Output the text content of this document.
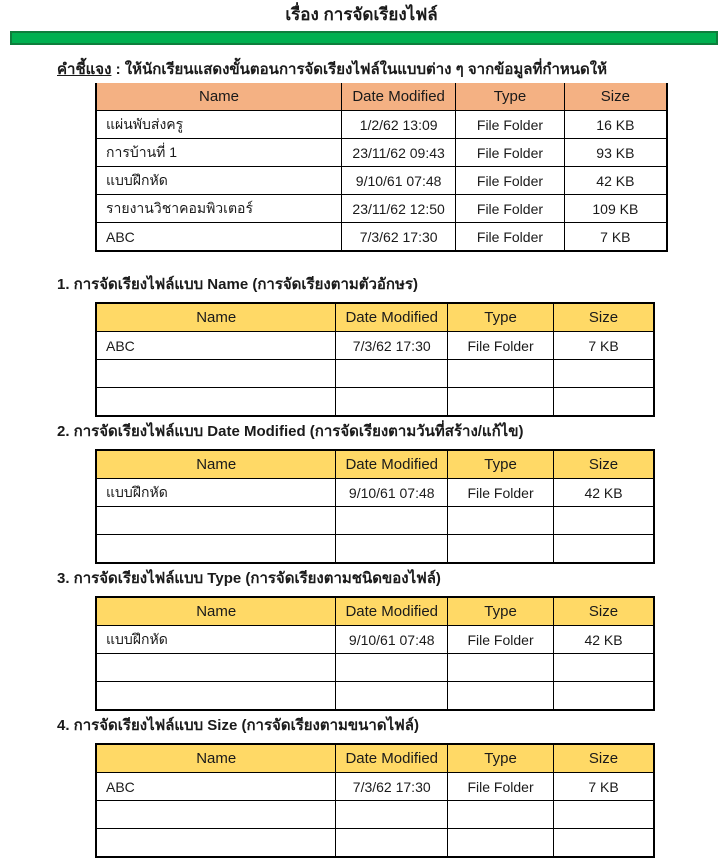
เรื่อง การจัดเรียงไฟล์
คำชี้แจง : ให้นักเรียนแสดงขั้นตอนการจัดเรียงไฟล์ในแบบต่าง ๆ จากข้อมูลที่กำหนดให้
Name	Date Modified	Type	Size
แผ่นพับส่งครู	1/2/62 13:09	File Folder	16 KB
การบ้านที่ 1	23/11/62 09:43	File Folder	93 KB
แบบฝึกหัด	9/10/61 07:48	File Folder	42 KB
รายงานวิชาคอมพิวเตอร์	23/11/62 12:50	File Folder	109 KB
ABC	7/3/62 17:30	File Folder	7 KB
1. การจัดเรียงไฟล์แบบ Name (การจัดเรียงตามตัวอักษร)
Name	Date Modified	Type	Size
ABC	7/3/62 17:30	File Folder	7 KB

2. การจัดเรียงไฟล์แบบ Date Modified (การจัดเรียงตามวันที่สร้าง/แก้ไข)
Name	Date Modified	Type	Size
แบบฝึกหัด	9/10/61 07:48	File Folder	42 KB

3. การจัดเรียงไฟล์แบบ Type (การจัดเรียงตามชนิดของไฟล์)
Name	Date Modified	Type	Size
แบบฝึกหัด	9/10/61 07:48	File Folder	42 KB

4. การจัดเรียงไฟล์แบบ Size (การจัดเรียงตามขนาดไฟล์)
Name	Date Modified	Type	Size
ABC	7/3/62 17:30	File Folder	7 KB
